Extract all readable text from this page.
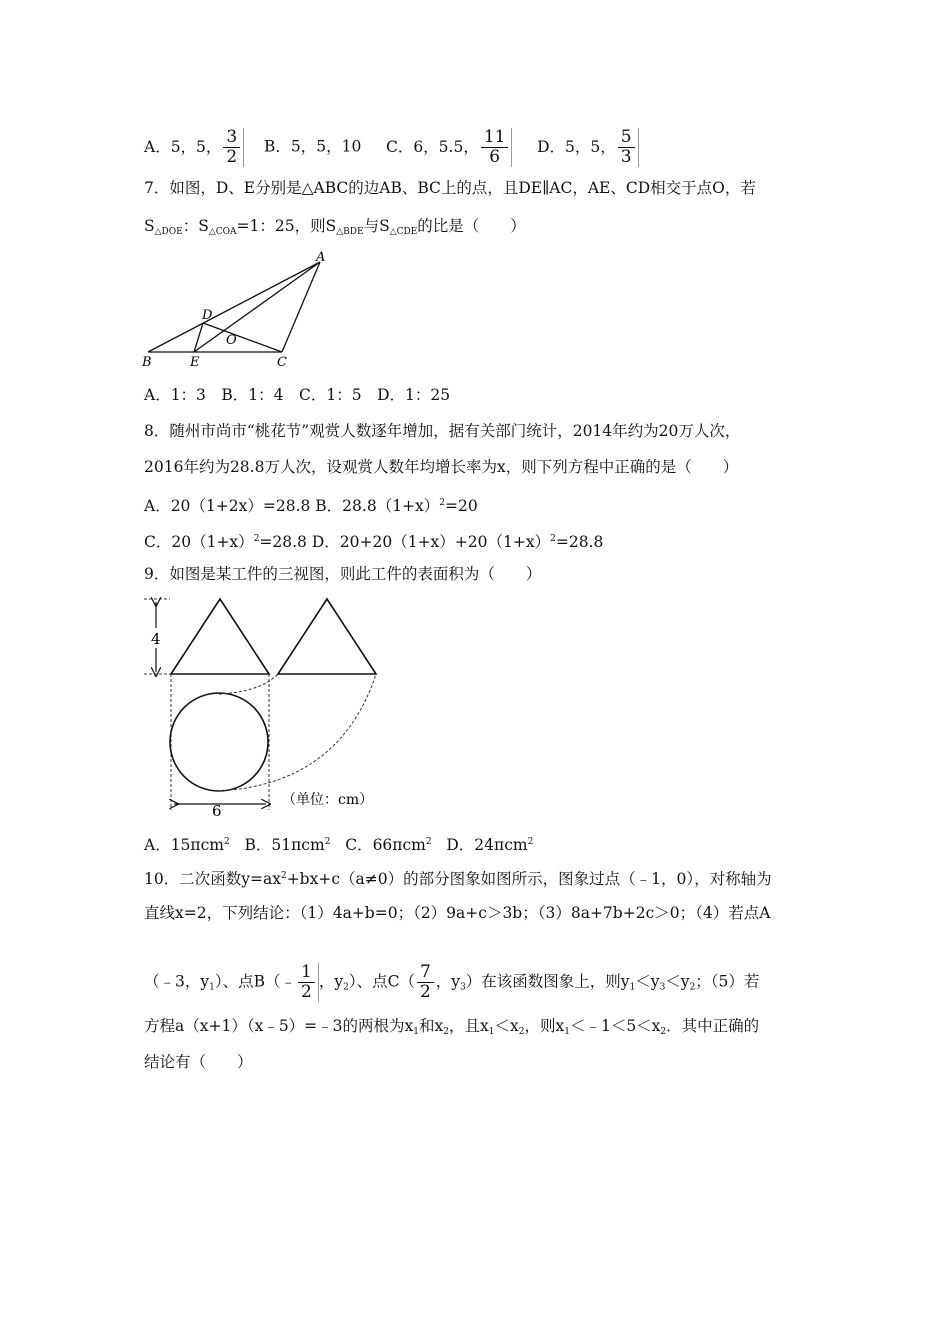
A．5，5， $\frac{3}{2}$ B．5，5，10 C．6，5.5， $\frac{11}{6}$ D．5，5， $\frac{5}{3}$
7．如图，D、E分别是△ABC的边AB、BC上的点，且DE∥AC，AE、CD相交于点O，若
$S_{\triangle DOE}$：$S_{\triangle COA}=1$：25，则$S_{\triangle BDE}$与$S_{\triangle CDE}$的比是（　　）
A
B	C
D
E
O
A．1：3　B．1：4　C．1：5　D．1：25
8．随州市尚市“桃花节”观赏人数逐年增加，据有关部门统计，2014年约为20万人次，
2016年约为28.8万人次，设观赏人数年均增长率为x，则下列方程中正确的是（　　）
A．20（1+2x）=28.8 B．$28.8(1+x)^2=20$
C．$20(1+x)^2=28.8$ D．$20+20(1+x)+20(1+x)^2=28.8$
9．如图是某工件的三视图，则此工件的表面积为（　　）
4
6
（单位：cm）
A．15πcm$^2$ B．51πcm$^2$ C．66πcm$^2$ D．24πcm$^2$
10．二次函数$y=ax^2+bx+c(a\ne 0)$的部分图象如图所示，图象过点（﹣1，0），对称轴为
直线x=2，下列结论：（1）4a+b=0；（2）9a+c＞3b；（3）8a+7b+2c＞0；（4）若点A
（﹣3，$y_1$）、点B（﹣ $\frac{1}{2}$ ，$y_2$）、点$C( \frac{7}{2}$ ，$y_3$）在该函数图象上，则$y_1<y_3<y_2$；（5）若
方程a（x+1）（x﹣5）=﹣3的两根为$x_1$和$x_2$，且$x_1<x_2$，则$x_1<﹣1<5<x_2$．其中正确的
结论有（　　）
